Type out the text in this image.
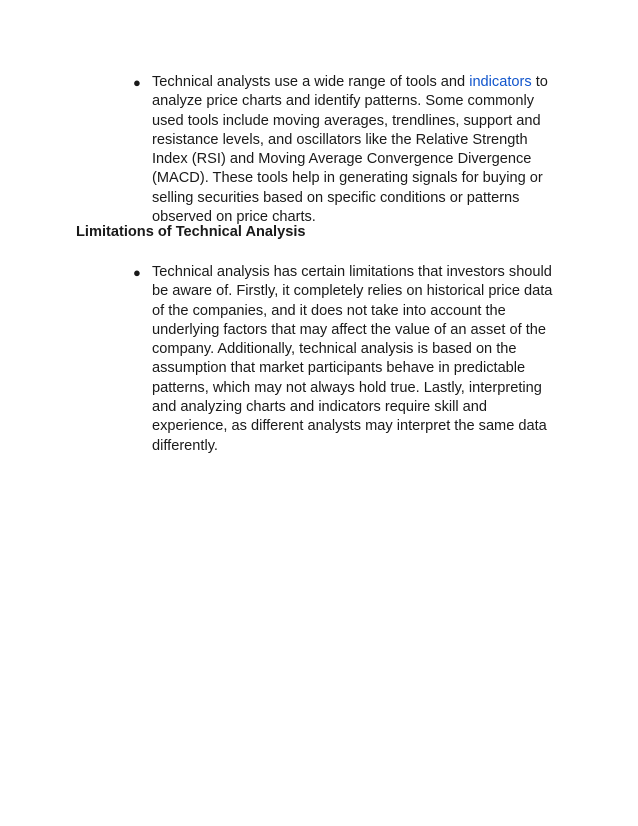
● Technical analysts use a wide range of tools and indicators to analyze price charts and identify patterns. Some commonly used tools include moving averages, trendlines, support and resistance levels, and oscillators like the Relative Strength Index (RSI) and Moving Average Convergence Divergence (MACD). These tools help in generating signals for buying or selling securities based on specific conditions or patterns observed on price charts.
Limitations of Technical Analysis
● Technical analysis has certain limitations that investors should be aware of. Firstly, it completely relies on historical price data of the companies, and it does not take into account the underlying factors that may affect the value of an asset of the company. Additionally, technical analysis is based on the assumption that market participants behave in predictable patterns, which may not always hold true. Lastly, interpreting and analyzing charts and indicators require skill and experience, as different analysts may interpret the same data differently.
